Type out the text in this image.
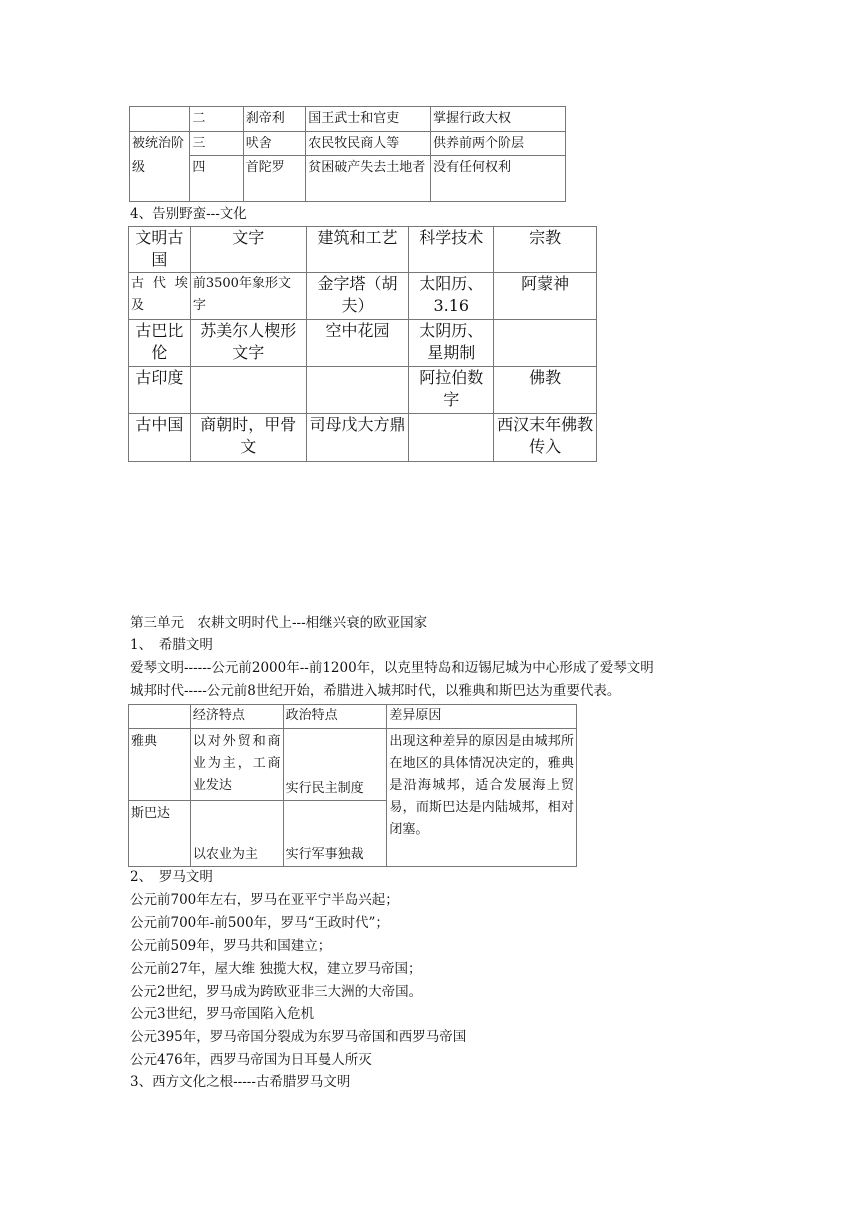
	二	刹帝利	国王武士和官吏	掌握行政大权
被统治阶级	三	吠舍	农民牧民商人等	供养前两个阶层
	四	首陀罗	贫困破产失去土地者	没有任何权利
4、告别野蛮---文化
文明古国	文字	建筑和工艺	科学技术	宗教
古 代 埃及	前3500年象形文字	金字塔（胡夫）	太阳历、3.16	阿蒙神
古巴比伦	苏美尔人楔形文字	空中花园	太阴历、星期制	
古印度			阿拉伯数字	佛教
古中国	商朝时，甲骨文	司母戊大方鼎		西汉末年佛教传入
第三单元　农耕文明时代上---相继兴衰的欧亚国家
1、　希腊文明
爱琴文明------公元前2000年--前1200年，以克里特岛和迈锡尼城为中心形成了爱琴文明
城邦时代-----公元前8世纪开始，希腊进入城邦时代，以雅典和斯巴达为重要代表。
	经济特点	政治特点	差异原因
雅典	以对外贸和商业为主，工商业发达	实行民主制度	出现这种差异的原因是由城邦所在地区的具体情况决定的，雅典是沿海城邦，适合发展海上贸易，而斯巴达是内陆城邦，相对闭塞。
斯巴达	以农业为主	实行军事独裁	
2、　罗马文明
公元前700年左右，罗马在亚平宁半岛兴起；
公元前700年-前500年，罗马“王政时代”；
公元前509年，罗马共和国建立；
公元前27年，屋大维 独揽大权，建立罗马帝国；
公元2世纪，罗马成为跨欧亚非三大洲的大帝国。
公元3世纪，罗马帝国陷入危机
公元395年，罗马帝国分裂成为东罗马帝国和西罗马帝国
公元476年，西罗马帝国为日耳曼人所灭
3、西方文化之根-----古希腊罗马文明
